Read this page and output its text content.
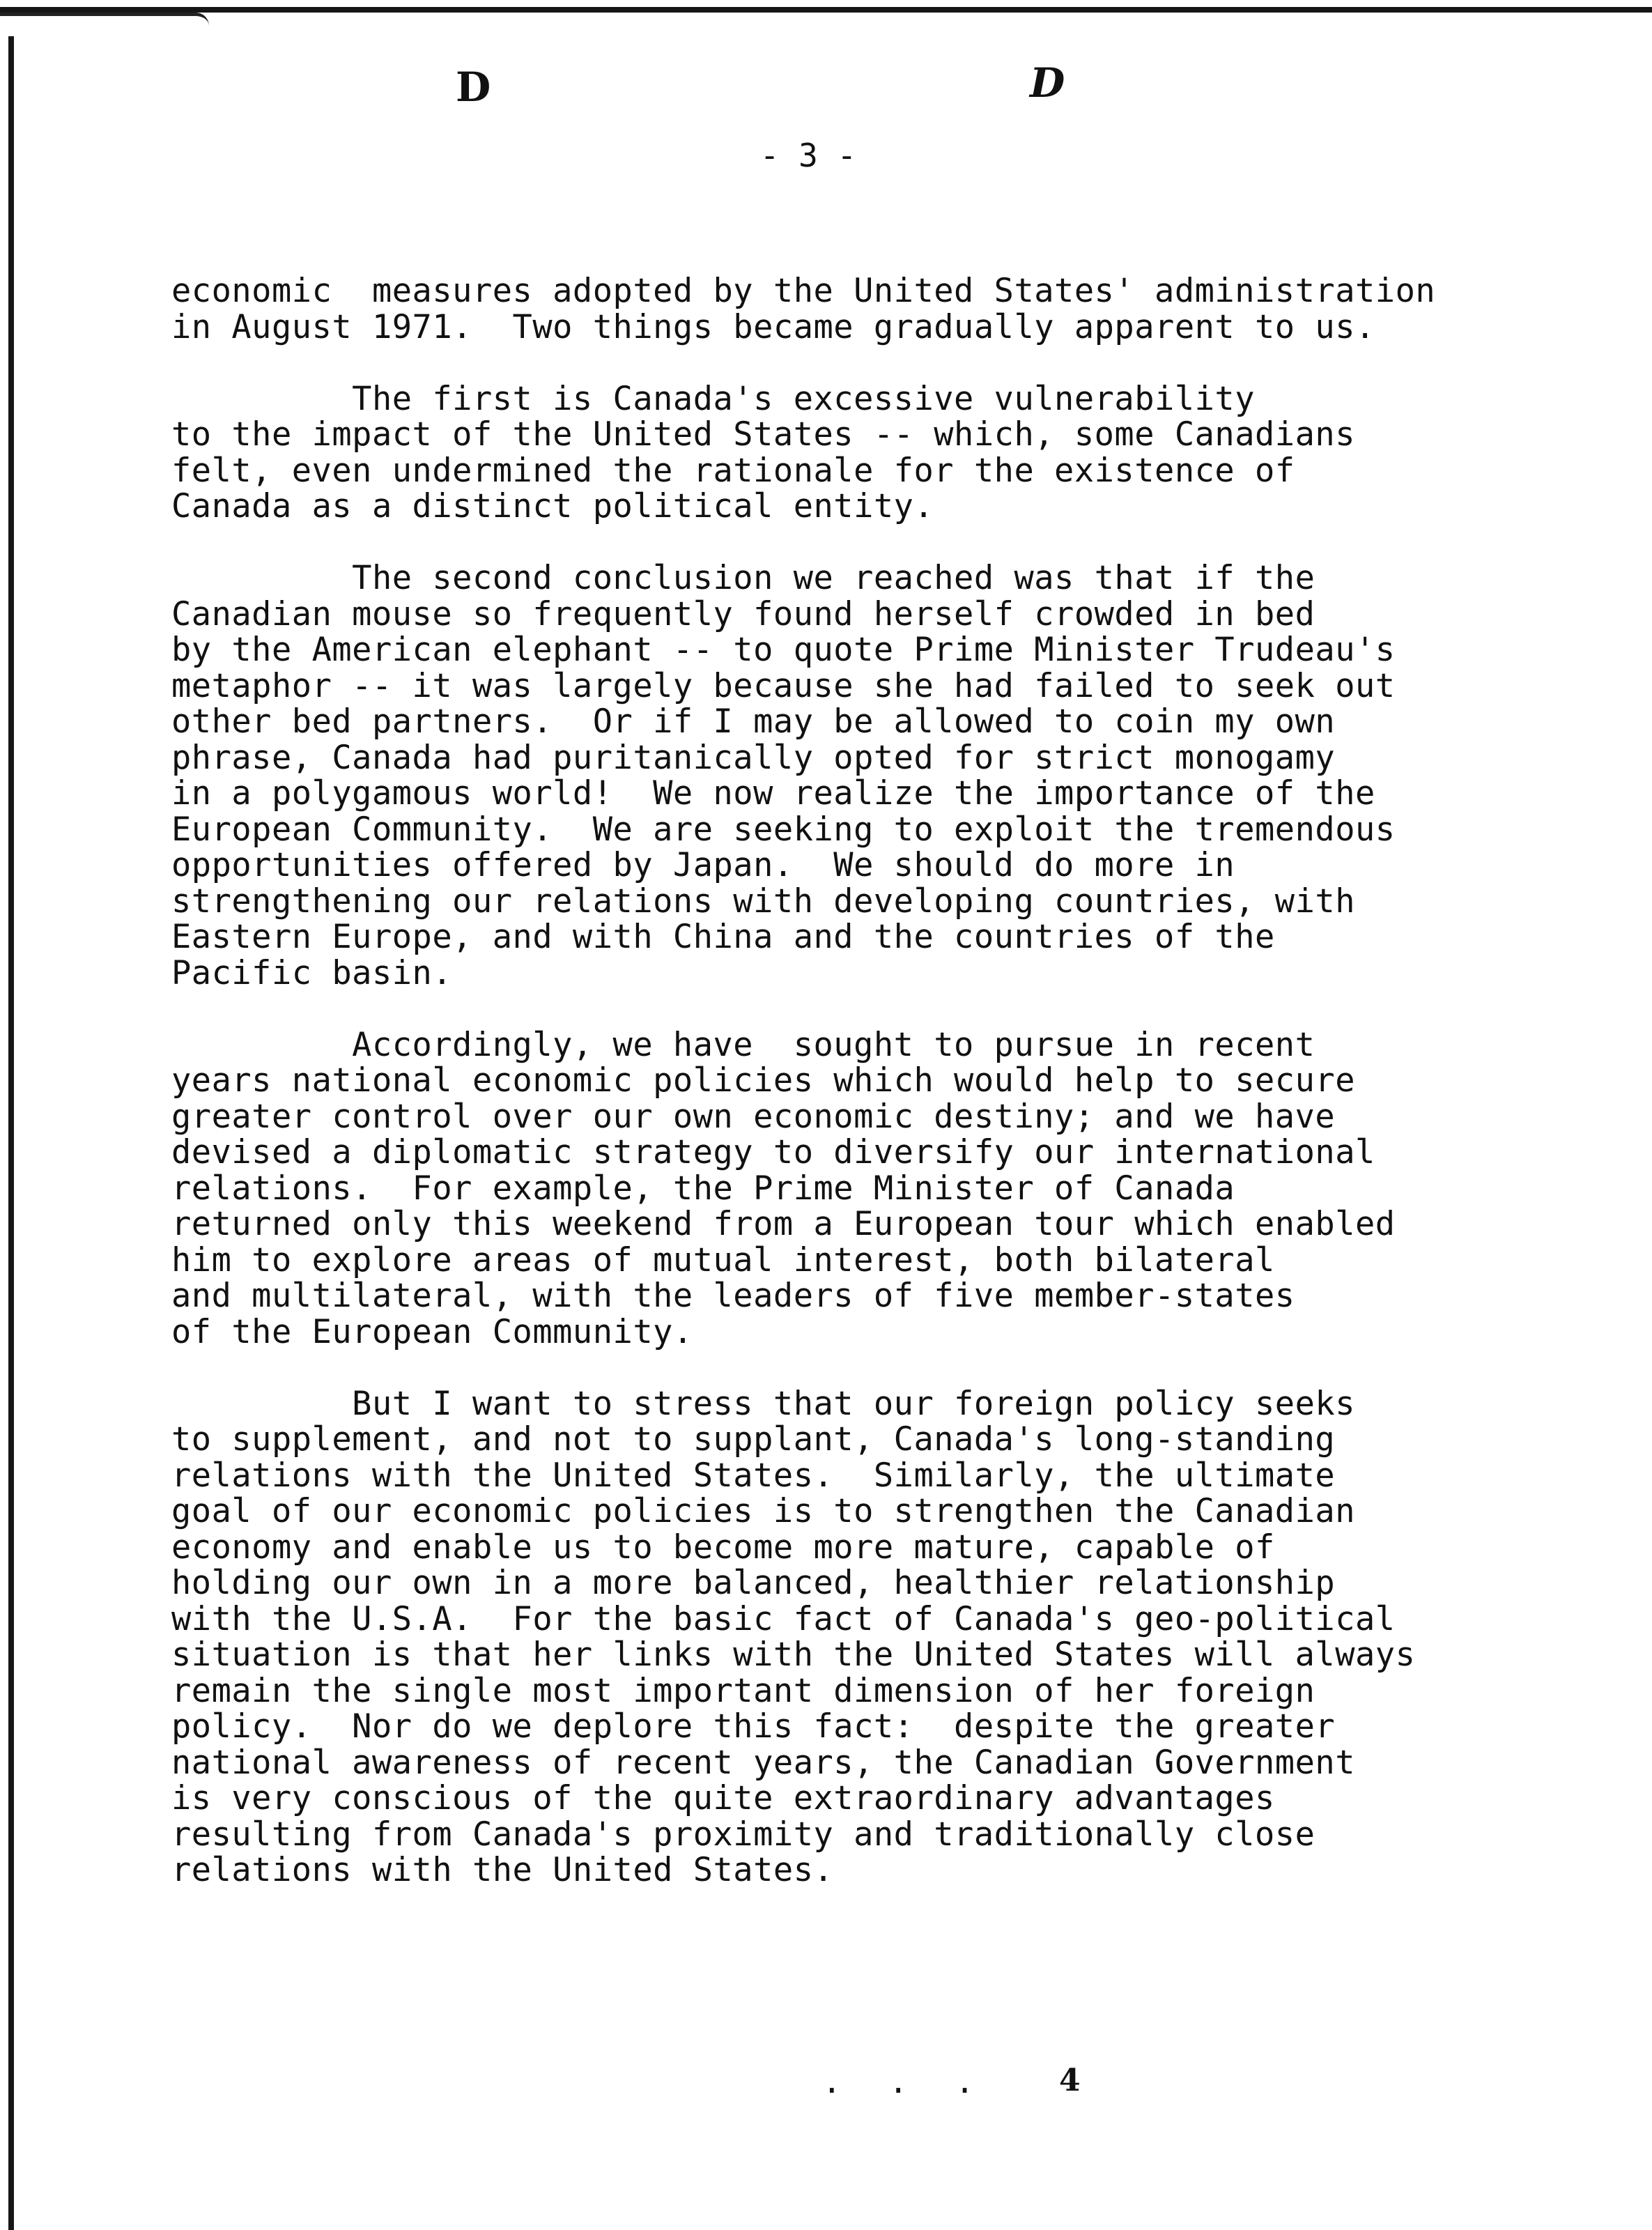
D	D
- 3 -
economic  measures adopted by the United States' administration
in August 1971.  Two things became gradually apparent to us.
The first is Canada's excessive vulnerability
to the impact of the United States -- which, some Canadians
felt, even undermined the rationale for the existence of
Canada as a distinct political entity.
The second conclusion we reached was that if the
Canadian mouse so frequently found herself crowded in bed
by the American elephant -- to quote Prime Minister Trudeau's
metaphor -- it was largely because she had failed to seek out
other bed partners.  Or if I may be allowed to coin my own
phrase, Canada had puritanically opted for strict monogamy
in a polygamous world!  We now realize the importance of the
European Community.  We are seeking to exploit the tremendous
opportunities offered by Japan.  We should do more in
strengthening our relations with developing countries, with
Eastern Europe, and with China and the countries of the
Pacific basin.
Accordingly, we have  sought to pursue in recent
years national economic policies which would help to secure
greater control over our own economic destiny; and we have
devised a diplomatic strategy to diversify our international
relations.  For example, the Prime Minister of Canada
returned only this weekend from a European tour which enabled
him to explore areas of mutual interest, both bilateral
and multilateral, with the leaders of five member-states
of the European Community.
But I want to stress that our foreign policy seeks
to supplement, and not to supplant, Canada's long-standing
relations with the United States.  Similarly, the ultimate
goal of our economic policies is to strengthen the Canadian
economy and enable us to become more mature, capable of
holding our own in a more balanced, healthier relationship
with the U.S.A.  For the basic fact of Canada's geo-political
situation is that her links with the United States will always
remain the single most important dimension of her foreign
policy.  Nor do we deplore this fact:  despite the greater
national awareness of recent years, the Canadian Government
is very conscious of the quite extraordinary advantages
resulting from Canada's proximity and traditionally close
relations with the United States.
. . . 4
